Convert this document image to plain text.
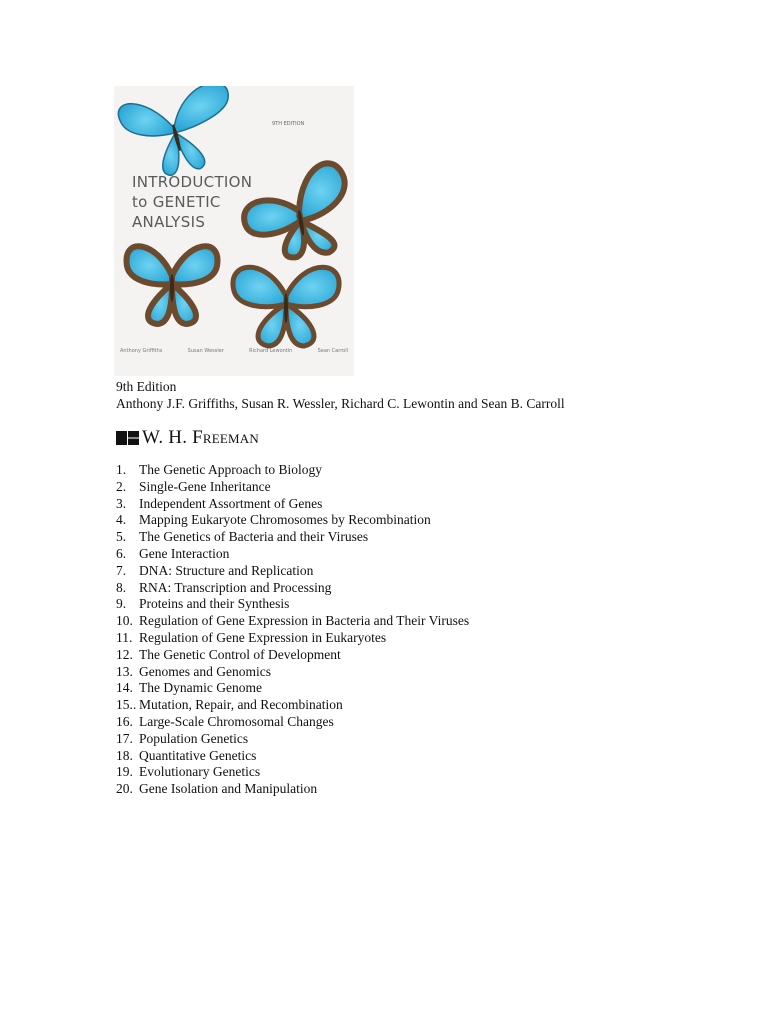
9TH EDITION
INTRODUCTION
to GENETIC
ANALYSIS
Anthony Griffiths	Susan Wessler	Richard Lewontin	Sean Carroll
9th Edition
Anthony J.F. Griffiths, Susan R. Wessler, Richard C. Lewontin and Sean B. Carroll
W. H. Freeman
1. The Genetic Approach to Biology
2. Single-Gene Inheritance
3. Independent Assortment of Genes
4. Mapping Eukaryote Chromosomes by Recombination
5. The Genetics of Bacteria and their Viruses
6. Gene Interaction
7. DNA: Structure and Replication
8. RNA: Transcription and Processing
9. Proteins and their Synthesis
10. Regulation of Gene Expression in Bacteria and Their Viruses
11. Regulation of Gene Expression in Eukaryotes
12. The Genetic Control of Development
13. Genomes and Genomics
14. The Dynamic Genome
15.. Mutation, Repair, and Recombination
16. Large-Scale Chromosomal Changes
17. Population Genetics
18. Quantitative Genetics
19. Evolutionary Genetics
20. Gene Isolation and Manipulation
